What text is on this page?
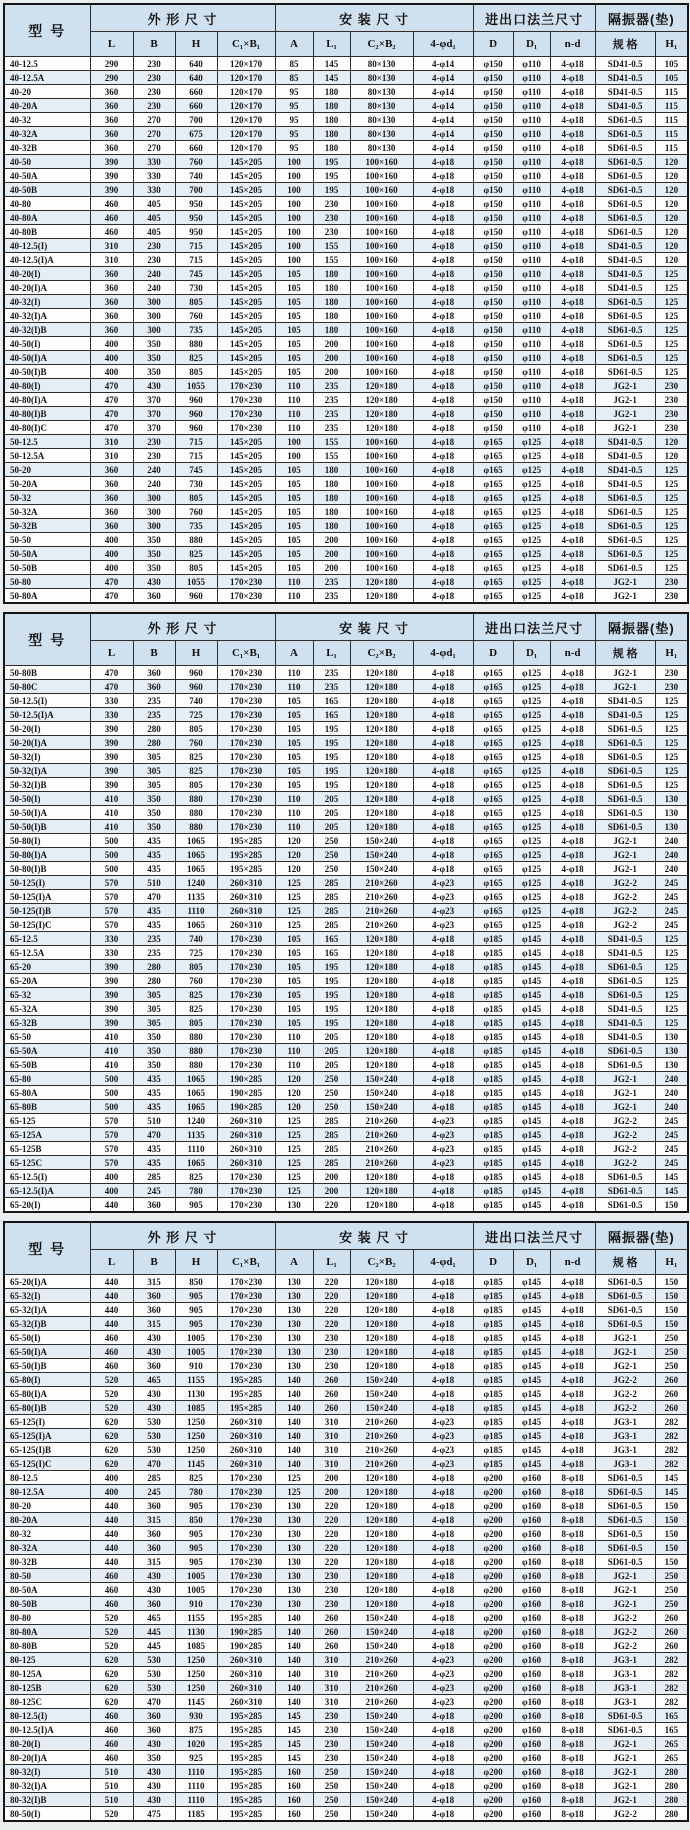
型 号	外 形 尺 寸				安 装 尺 寸				进出口法兰尺寸			隔振器(垫)	
	L	B	H	C₁×B₁	A	L₁	C₂×B₂	4-φd₁	D	D₁	n-d	规 格	H₁
40-12.5	290	230	640	120×170	85	145	80×130	4-φ14	φ150	φ110	4-φ18	SD41-0.5	105
40-12.5A	290	230	640	120×170	85	145	80×130	4-φ14	φ150	φ110	4-φ18	SD41-0.5	105
40-20	360	230	660	120×170	95	180	80×130	4-φ14	φ150	φ110	4-φ18	SD41-0.5	115
40-20A	360	230	660	120×170	95	180	80×130	4-φ14	φ150	φ110	4-φ18	SD41-0.5	115
40-32	360	270	700	120×170	95	180	80×130	4-φ14	φ150	φ110	4-φ18	SD61-0.5	115
40-32A	360	270	675	120×170	95	180	80×130	4-φ14	φ150	φ110	4-φ18	SD61-0.5	115
40-32B	360	270	660	120×170	95	180	80×130	4-φ14	φ150	φ110	4-φ18	SD61-0.5	115
40-50	390	330	760	145×205	100	195	100×160	4-φ18	φ150	φ110	4-φ18	SD61-0.5	120
40-50A	390	330	740	145×205	100	195	100×160	4-φ18	φ150	φ110	4-φ18	SD61-0.5	120
40-50B	390	330	700	145×205	100	195	100×160	4-φ18	φ150	φ110	4-φ18	SD61-0.5	120
40-80	460	405	950	145×205	100	230	100×160	4-φ18	φ150	φ110	4-φ18	SD61-0.5	120
40-80A	460	405	950	145×205	100	230	100×160	4-φ18	φ150	φ110	4-φ18	SD61-0.5	120
40-80B	460	405	950	145×205	100	230	100×160	4-φ18	φ150	φ110	4-φ18	SD61-0.5	120
40-12.5(I)	310	230	715	145×205	100	155	100×160	4-φ18	φ150	φ110	4-φ18	SD41-0.5	120
40-12.5(I)A	310	230	715	145×205	100	155	100×160	4-φ18	φ150	φ110	4-φ18	SD41-0.5	120
40-20(I)	360	240	745	145×205	105	180	100×160	4-φ18	φ150	φ110	4-φ18	SD41-0.5	125
40-20(I)A	360	240	730	145×205	105	180	100×160	4-φ18	φ150	φ110	4-φ18	SD41-0.5	125
40-32(I)	360	300	805	145×205	105	180	100×160	4-φ18	φ150	φ110	4-φ18	SD61-0.5	125
40-32(I)A	360	300	760	145×205	105	180	100×160	4-φ18	φ150	φ110	4-φ18	SD61-0.5	125
40-32(I)B	360	300	735	145×205	105	180	100×160	4-φ18	φ150	φ110	4-φ18	SD61-0.5	125
40-50(I)	400	350	880	145×205	105	200	100×160	4-φ18	φ150	φ110	4-φ18	SD61-0.5	125
40-50(I)A	400	350	825	145×205	105	200	100×160	4-φ18	φ150	φ110	4-φ18	SD61-0.5	125
40-50(I)B	400	350	805	145×205	105	200	100×160	4-φ18	φ150	φ110	4-φ18	SD61-0.5	125
40-80(I)	470	430	1055	170×230	110	235	120×180	4-φ18	φ150	φ110	4-φ18	JG2-1	230
40-80(I)A	470	370	960	170×230	110	235	120×180	4-φ18	φ150	φ110	4-φ18	JG2-1	230
40-80(I)B	470	370	960	170×230	110	235	120×180	4-φ18	φ150	φ110	4-φ18	JG2-1	230
40-80(I)C	470	370	960	170×230	110	235	120×180	4-φ18	φ150	φ110	4-φ18	JG2-1	230
50-12.5	310	230	715	145×205	100	155	100×160	4-φ18	φ165	φ125	4-φ18	SD41-0.5	120
50-12.5A	310	230	715	145×205	100	155	100×160	4-φ18	φ165	φ125	4-φ18	SD41-0.5	120
50-20	360	240	745	145×205	105	180	100×160	4-φ18	φ165	φ125	4-φ18	SD41-0.5	125
50-20A	360	240	730	145×205	105	180	100×160	4-φ18	φ165	φ125	4-φ18	SD41-0.5	125
50-32	360	300	805	145×205	105	180	100×160	4-φ18	φ165	φ125	4-φ18	SD61-0.5	125
50-32A	360	300	760	145×205	105	180	100×160	4-φ18	φ165	φ125	4-φ18	SD61-0.5	125
50-32B	360	300	735	145×205	105	180	100×160	4-φ18	φ165	φ125	4-φ18	SD61-0.5	125
50-50	400	350	880	145×205	105	200	100×160	4-φ18	φ165	φ125	4-φ18	SD61-0.5	125
50-50A	400	350	825	145×205	105	200	100×160	4-φ18	φ165	φ125	4-φ18	SD61-0.5	125
50-50B	400	350	805	145×205	105	200	100×160	4-φ18	φ165	φ125	4-φ18	SD61-0.5	125
50-80	470	430	1055	170×230	110	235	120×180	4-φ18	φ165	φ125	4-φ18	JG2-1	230
50-80A	470	360	960	170×230	110	235	120×180	4-φ18	φ165	φ125	4-φ18	JG2-1	230
型 号	外 形 尺 寸				安 装 尺 寸				进出口法兰尺寸			隔振器(垫)	
	L	B	H	C₁×B₁	A	L₁	C₂×B₂	4-φd₁	D	D₁	n-d	规 格	H₁
50-80B	470	360	960	170×230	110	235	120×180	4-φ18	φ165	φ125	4-φ18	JG2-1	230
50-80C	470	360	960	170×230	110	235	120×180	4-φ18	φ165	φ125	4-φ18	JG2-1	230
50-12.5(I)	330	235	740	170×230	105	165	120×180	4-φ18	φ165	φ125	4-φ18	SD41-0.5	125
50-12.5(I)A	330	235	725	170×230	105	165	120×180	4-φ18	φ165	φ125	4-φ18	SD41-0.5	125
50-20(I)	390	280	805	170×230	105	195	120×180	4-φ18	φ165	φ125	4-φ18	SD61-0.5	125
50-20(I)A	390	280	760	170×230	105	195	120×180	4-φ18	φ165	φ125	4-φ18	SD61-0.5	125
50-32(I)	390	305	825	170×230	105	195	120×180	4-φ18	φ165	φ125	4-φ18	SD61-0.5	125
50-32(I)A	390	305	825	170×230	105	195	120×180	4-φ18	φ165	φ125	4-φ18	SD61-0.5	125
50-32(I)B	390	305	805	170×230	105	195	120×180	4-φ18	φ165	φ125	4-φ18	SD61-0.5	125
50-50(I)	410	350	880	170×230	110	205	120×180	4-φ18	φ165	φ125	4-φ18	SD61-0.5	130
50-50(I)A	410	350	880	170×230	110	205	120×180	4-φ18	φ165	φ125	4-φ18	SD61-0.5	130
50-50(I)B	410	350	880	170×230	110	205	120×180	4-φ18	φ165	φ125	4-φ18	SD61-0.5	130
50-80(I)	500	435	1065	195×285	120	250	150×240	4-φ18	φ165	φ125	4-φ18	JG2-1	240
50-80(I)A	500	435	1065	195×285	120	250	150×240	4-φ18	φ165	φ125	4-φ18	JG2-1	240
50-80(I)B	500	435	1065	195×285	120	250	150×240	4-φ18	φ165	φ125	4-φ18	JG2-1	240
50-125(I)	570	510	1240	260×310	125	285	210×260	4-φ23	φ165	φ125	4-φ18	JG2-2	245
50-125(I)A	570	470	1135	260×310	125	285	210×260	4-φ23	φ165	φ125	4-φ18	JG2-2	245
50-125(I)B	570	435	1110	260×310	125	285	210×260	4-φ23	φ165	φ125	4-φ18	JG2-2	245
50-125(I)C	570	435	1065	260×310	125	285	210×260	4-φ23	φ165	φ125	4-φ18	JG2-2	245
65-12.5	330	235	740	170×230	105	165	120×180	4-φ18	φ185	φ145	4-φ18	SD41-0.5	125
65-12.5A	330	235	725	170×230	105	165	120×180	4-φ18	φ185	φ145	4-φ18	SD41-0.5	125
65-20	390	280	805	170×230	105	195	120×180	4-φ18	φ185	φ145	4-φ18	SD61-0.5	125
65-20A	390	280	760	170×230	105	195	120×180	4-φ18	φ185	φ145	4-φ18	SD61-0.5	125
65-32	390	305	825	170×230	105	195	120×180	4-φ18	φ185	φ145	4-φ18	SD61-0.5	125
65-32A	390	305	825	170×230	105	195	120×180	4-φ18	φ185	φ145	4-φ18	SD41-0.5	125
65-32B	390	305	805	170×230	105	195	120×180	4-φ18	φ185	φ145	4-φ18	SD41-0.5	125
65-50	410	350	880	170×230	110	205	120×180	4-φ18	φ185	φ145	4-φ18	SD41-0.5	130
65-50A	410	350	880	170×230	110	205	120×180	4-φ18	φ185	φ145	4-φ18	SD61-0.5	130
65-50B	410	350	880	170×230	110	205	120×180	4-φ18	φ185	φ145	4-φ18	SD61-0.5	130
65-80	500	435	1065	190×285	120	250	150×240	4-φ18	φ185	φ145	4-φ18	JG2-1	240
65-80A	500	435	1065	190×285	120	250	150×240	4-φ18	φ185	φ145	4-φ18	JG2-1	240
65-80B	500	435	1065	190×285	120	250	150×240	4-φ18	φ185	φ145	4-φ18	JG2-1	240
65-125	570	510	1240	260×310	125	285	210×260	4-φ23	φ185	φ145	4-φ18	JG2-2	245
65-125A	570	470	1135	260×310	125	285	210×260	4-φ23	φ185	φ145	4-φ18	JG2-2	245
65-125B	570	435	1110	260×310	125	285	210×260	4-φ23	φ185	φ145	4-φ18	JG2-2	245
65-125C	570	435	1065	260×310	125	285	210×260	4-φ23	φ185	φ145	4-φ18	JG2-2	245
65-12.5(I)	400	285	825	170×230	125	200	120×180	4-φ18	φ185	φ145	4-φ18	SD61-0.5	145
65-12.5(I)A	400	245	780	170×230	125	200	120×180	4-φ18	φ185	φ145	4-φ18	SD61-0.5	145
65-20(I)	440	360	905	170×230	130	220	120×180	4-φ18	φ185	φ145	4-φ18	SD61-0.5	150
型 号	外 形 尺 寸				安 装 尺 寸				进出口法兰尺寸			隔振器(垫)	
	L	B	H	C₁×B₁	A	L₁	C₂×B₂	4-φd₁	D	D₁	n-d	规 格	H₁
65-20(I)A	440	315	850	170×230	130	220	120×180	4-φ18	φ185	φ145	4-φ18	SD61-0.5	150
65-32(I)	440	360	905	170×230	130	220	120×180	4-φ18	φ185	φ145	4-φ18	SD61-0.5	150
65-32(I)A	440	360	905	170×230	130	220	120×180	4-φ18	φ185	φ145	4-φ18	SD61-0.5	150
65-32(I)B	440	315	905	170×230	130	220	120×180	4-φ18	φ185	φ145	4-φ18	SD61-0.5	150
65-50(I)	460	430	1005	170×230	130	230	120×180	4-φ18	φ185	φ145	4-φ18	JG2-1	250
65-50(I)A	460	430	1005	170×230	130	230	120×180	4-φ18	φ185	φ145	4-φ18	JG2-1	250
65-50(I)B	460	360	910	170×230	130	230	120×180	4-φ18	φ185	φ145	4-φ18	JG2-1	250
65-80(I)	520	465	1155	195×285	140	260	150×240	4-φ18	φ185	φ145	4-φ18	JG2-2	260
65-80(I)A	520	430	1130	195×285	140	260	150×240	4-φ18	φ185	φ145	4-φ18	JG2-2	260
65-80(I)B	520	430	1085	195×285	140	260	150×240	4-φ18	φ185	φ145	4-φ18	JG2-2	260
65-125(I)	620	530	1250	260×310	140	310	210×260	4-φ23	φ185	φ145	4-φ18	JG3-1	282
65-125(I)A	620	530	1250	260×310	140	310	210×260	4-φ23	φ185	φ145	4-φ18	JG3-1	282
65-125(I)B	620	530	1250	260×310	140	310	210×260	4-φ23	φ185	φ145	4-φ18	JG3-1	282
65-125(I)C	620	470	1145	260×310	140	310	210×260	4-φ23	φ185	φ145	4-φ18	JG3-1	282
80-12.5	400	285	825	170×230	125	200	120×180	4-φ18	φ200	φ160	8-φ18	SD61-0.5	145
80-12.5A	400	245	780	170×230	125	200	120×180	4-φ18	φ200	φ160	8-φ18	SD61-0.5	145
80-20	440	360	905	170×230	130	220	120×180	4-φ18	φ200	φ160	8-φ18	SD61-0.5	150
80-20A	440	315	850	170×230	130	220	120×180	4-φ18	φ200	φ160	8-φ18	SD61-0.5	150
80-32	440	360	905	170×230	130	220	120×180	4-φ18	φ200	φ160	8-φ18	SD61-0.5	150
80-32A	440	360	905	170×230	130	220	120×180	4-φ18	φ200	φ160	8-φ18	SD61-0.5	150
80-32B	440	315	905	170×230	130	220	120×180	4-φ18	φ200	φ160	8-φ18	SD61-0.5	150
80-50	460	430	1005	170×230	130	230	120×180	4-φ18	φ200	φ160	8-φ18	JG2-1	250
80-50A	460	430	1005	170×230	130	230	120×180	4-φ18	φ200	φ160	8-φ18	JG2-1	250
80-50B	460	360	910	170×230	130	230	120×180	4-φ18	φ200	φ160	8-φ18	JG2-1	250
80-80	520	465	1155	195×285	140	260	150×240	4-φ18	φ200	φ160	8-φ18	JG2-2	260
80-80A	520	445	1130	190×285	140	260	150×240	4-φ18	φ200	φ160	8-φ18	JG2-2	260
80-80B	520	445	1085	190×285	140	260	150×240	4-φ18	φ200	φ160	8-φ18	JG2-2	260
80-125	620	530	1250	260×310	140	310	210×260	4-φ23	φ200	φ160	8-φ18	JG3-1	282
80-125A	620	530	1250	260×310	140	310	210×260	4-φ23	φ200	φ160	8-φ18	JG3-1	282
80-125B	620	530	1250	260×310	140	310	210×260	4-φ23	φ200	φ160	8-φ18	JG3-1	282
80-125C	620	470	1145	260×310	140	310	210×260	4-φ23	φ200	φ160	8-φ18	JG3-1	282
80-12.5(I)	460	360	930	195×285	145	230	150×240	4-φ18	φ200	φ160	8-φ18	SD61-0.5	165
80-12.5(I)A	460	360	875	195×285	145	230	150×240	4-φ18	φ200	φ160	8-φ18	SD61-0.5	165
80-20(I)	460	430	1020	195×285	145	230	150×240	4-φ18	φ200	φ160	8-φ18	JG2-1	265
80-20(I)A	460	350	925	195×285	145	230	150×240	4-φ18	φ200	φ160	8-φ18	JG2-1	265
80-32(I)	510	430	1110	195×285	160	250	150×240	4-φ18	φ200	φ160	8-φ18	JG2-1	280
80-32(I)A	510	430	1110	195×285	160	250	150×240	4-φ18	φ200	φ160	8-φ18	JG2-1	280
80-32(I)B	510	430	1110	195×285	160	250	150×240	4-φ18	φ200	φ160	8-φ18	JG2-1	280
80-50(I)	520	475	1185	195×285	160	250	150×240	4-φ18	φ200	φ160	8-φ18	JG2-2	280
